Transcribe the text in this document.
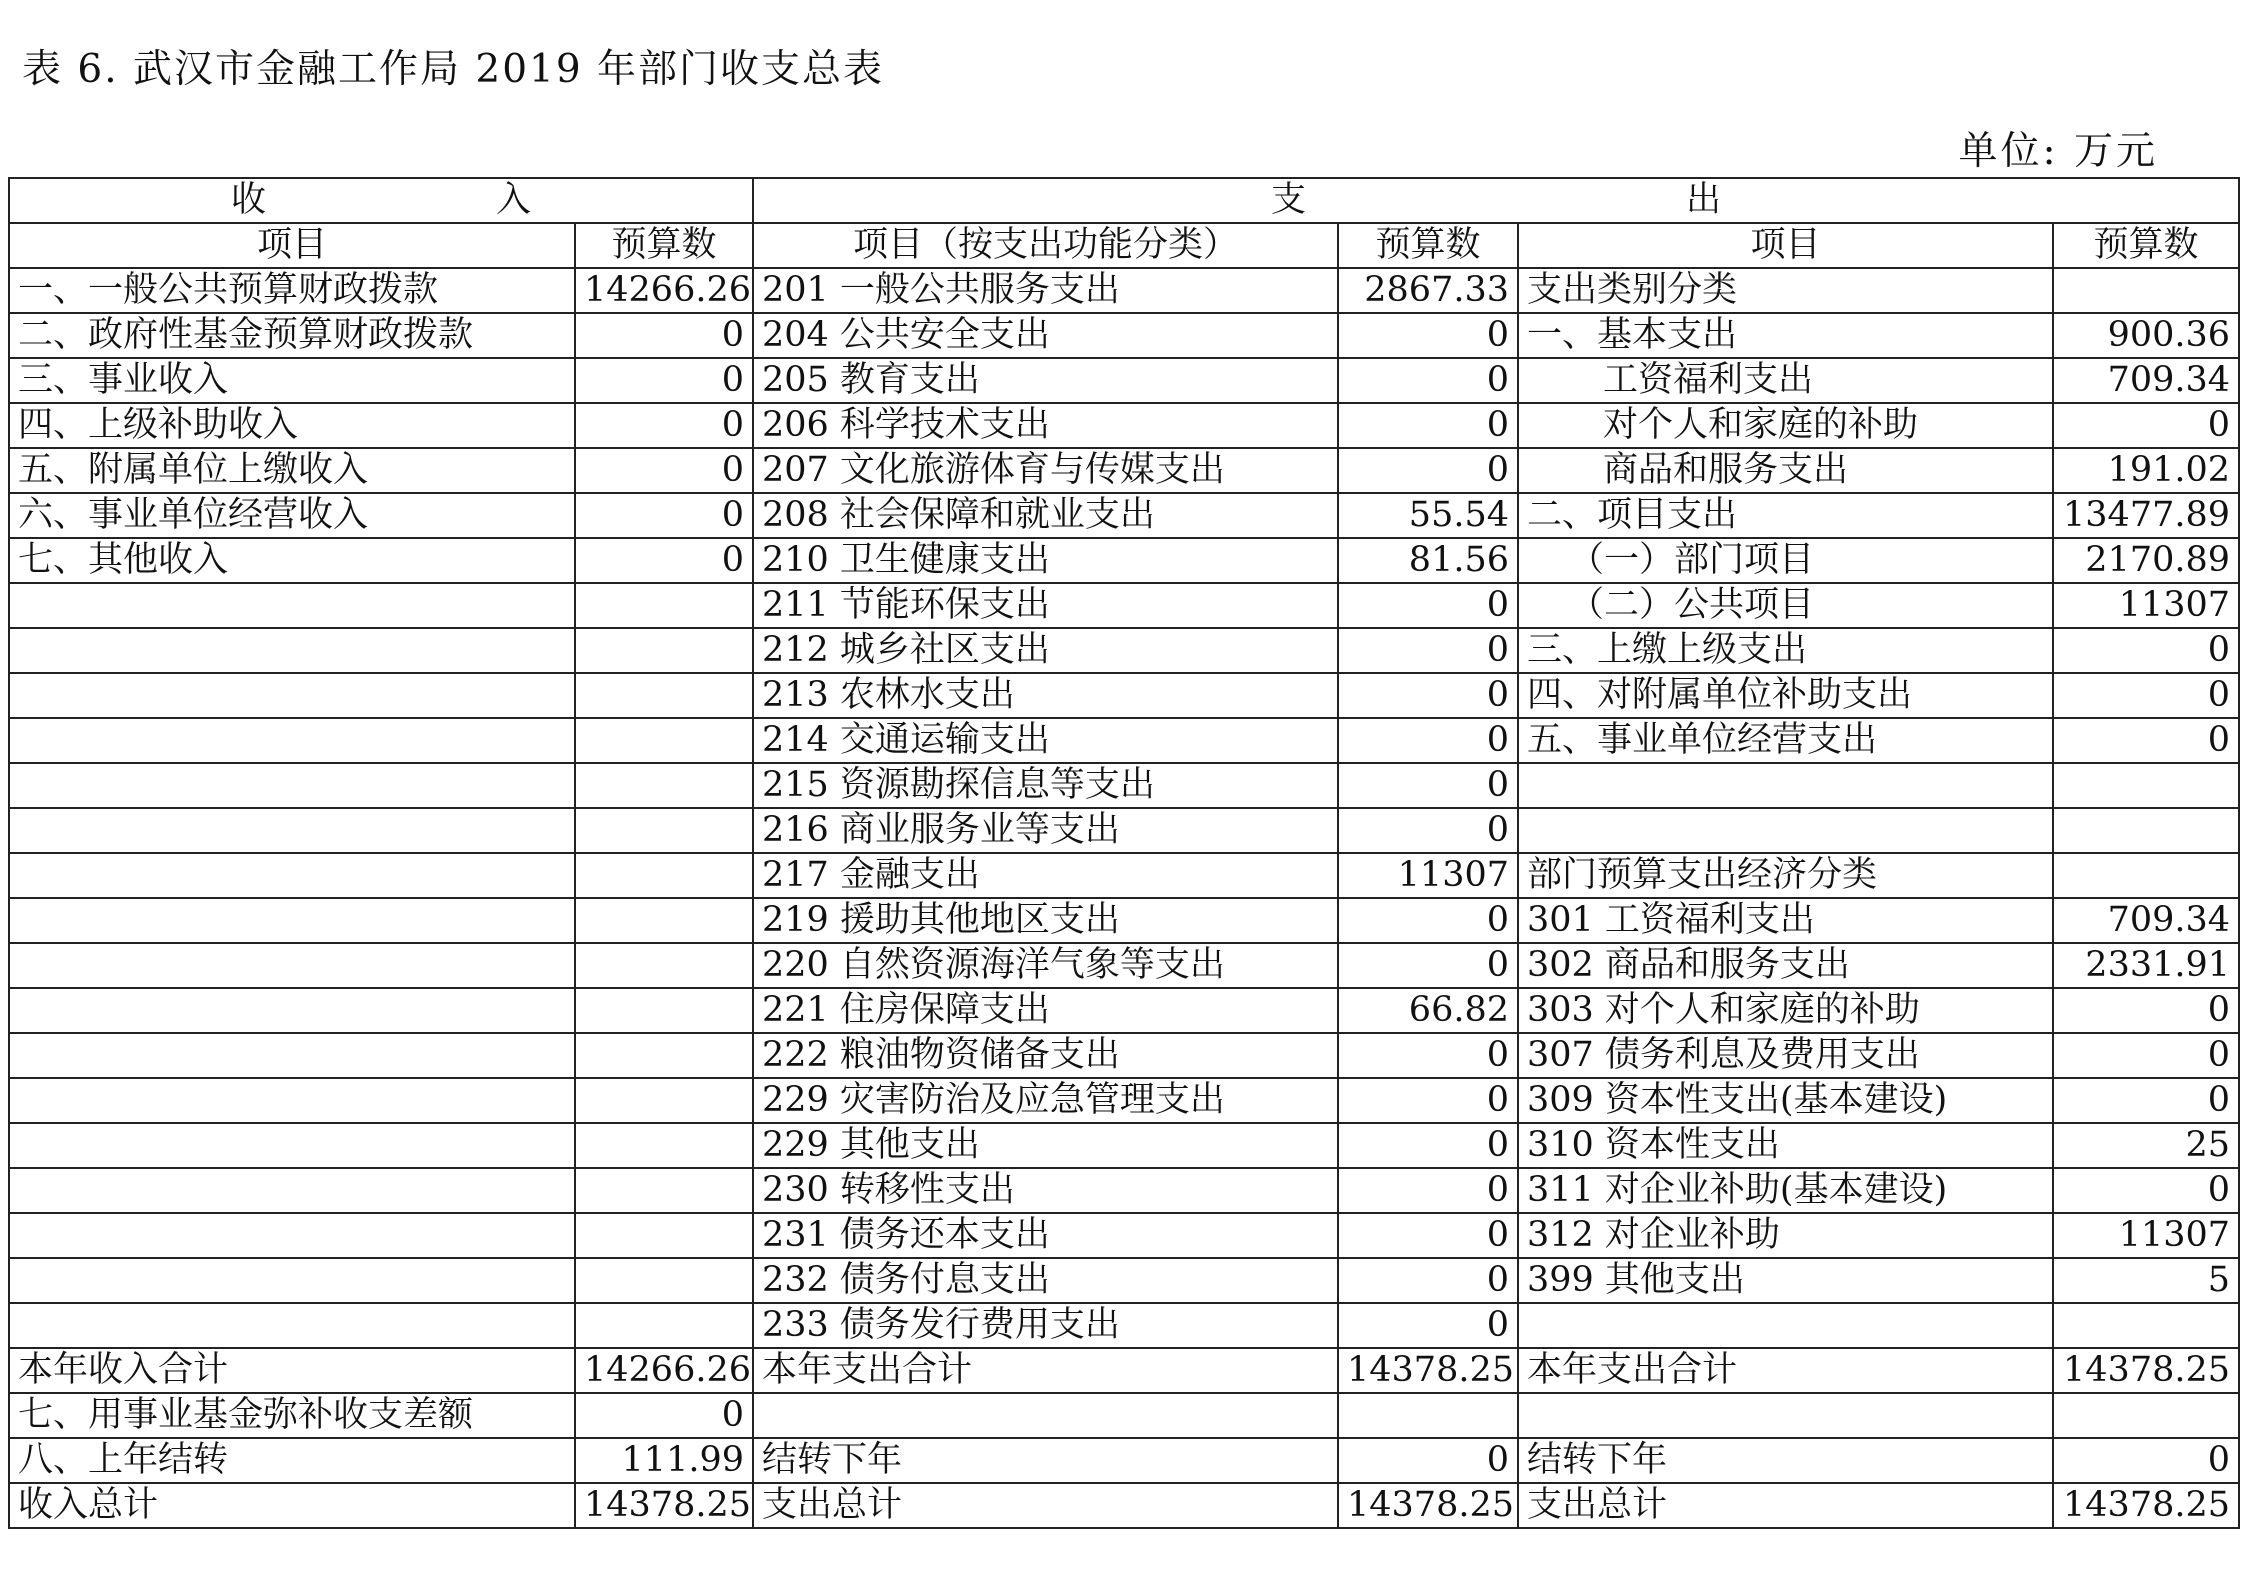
表 6. 武汉市金融工作局 2019 年部门收支总表
单位: 万元
收 入		支 出			
项目	预算数	项目（按支出功能分类）	预算数	项目	预算数
一、一般公共预算财政拨款	14266.26	201 一般公共服务支出	2867.33	支出类别分类	
二、政府性基金预算财政拨款	0	204 公共安全支出	0	一、基本支出	900.36
三、事业收入	0	205 教育支出	0	工资福利支出	709.34
四、上级补助收入	0	206 科学技术支出	0	对个人和家庭的补助	0
五、附属单位上缴收入	0	207 文化旅游体育与传媒支出	0	商品和服务支出	191.02
六、事业单位经营收入	0	208 社会保障和就业支出	55.54	二、项目支出	13477.89
七、其他收入	0	210 卫生健康支出	81.56	（一）部门项目	2170.89
		211 节能环保支出	0	（二）公共项目	11307
		212 城乡社区支出	0	三、上缴上级支出	0
		213 农林水支出	0	四、对附属单位补助支出	0
		214 交通运输支出	0	五、事业单位经营支出	0
		215 资源勘探信息等支出	0		
		216 商业服务业等支出	0		
		217 金融支出	11307	部门预算支出经济分类	
		219 援助其他地区支出	0	301 工资福利支出	709.34
		220 自然资源海洋气象等支出	0	302 商品和服务支出	2331.91
		221 住房保障支出	66.82	303 对个人和家庭的补助	0
		222 粮油物资储备支出	0	307 债务利息及费用支出	0
		229 灾害防治及应急管理支出	0	309 资本性支出(基本建设)	0
		229 其他支出	0	310 资本性支出	25
		230 转移性支出	0	311 对企业补助(基本建设)	0
		231 债务还本支出	0	312 对企业补助	11307
		232 债务付息支出	0	399 其他支出	5
		233 债务发行费用支出	0		
本年收入合计	14266.26	本年支出合计	14378.25	本年支出合计	14378.25
七、用事业基金弥补收支差额	0				
八、上年结转	111.99	结转下年	0	结转下年	0
收入总计	14378.25	支出总计	14378.25	支出总计	14378.25
